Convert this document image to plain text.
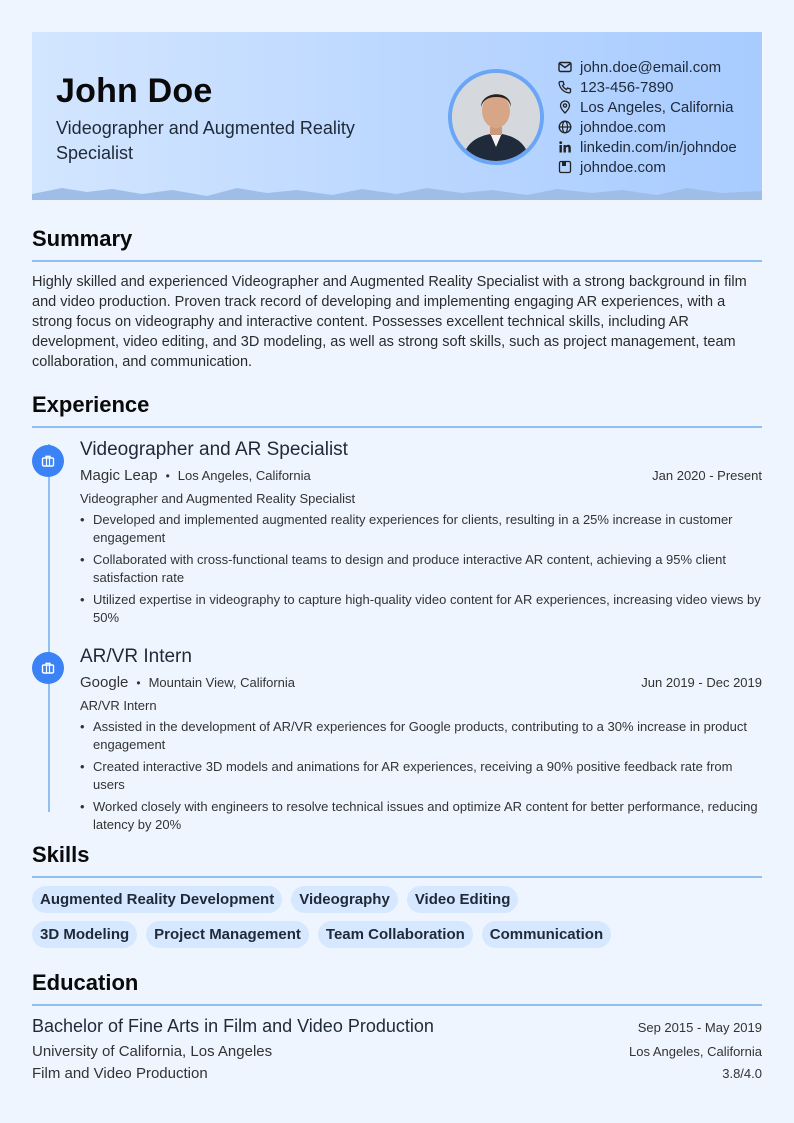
John Doe
Videographer and Augmented Reality Specialist
john.doe@email.com
123-456-7890
Los Angeles, California
johndoe.com
linkedin.com/in/johndoe
johndoe.com
Summary

Highly skilled and experienced Videographer and Augmented Reality Specialist with a strong background in film and video production. Proven track record of developing and implementing engaging AR experiences, with a strong focus on videography and interactive content. Possesses excellent technical skills, including AR development, video editing, and 3D modeling, as well as strong soft skills, such as project management, team collaboration, and communication.

Experience
Videographer and AR Specialist
Magic Leap • Los Angeles, California	Jan 2020 - Present
Videographer and Augmented Reality Specialist
• Developed and implemented augmented reality experiences for clients, resulting in a 25% increase in customer engagement
• Collaborated with cross-functional teams to design and produce interactive AR content, achieving a 95% client satisfaction rate
• Utilized expertise in videography to capture high-quality video content for AR experiences, increasing video views by 50%
AR/VR Intern
Google • Mountain View, California	Jun 2019 - Dec 2019
AR/VR Intern
• Assisted in the development of AR/VR experiences for Google products, contributing to a 30% increase in product engagement
• Created interactive 3D models and animations for AR experiences, receiving a 90% positive feedback rate from users
• Worked closely with engineers to resolve technical issues and optimize AR content for better performance, reducing latency by 20%
Skills
Augmented Reality Development	Videography	Video Editing
3D Modeling	Project Management	Team Collaboration	Communication
Education
Bachelor of Fine Arts in Film and Video Production	Sep 2015 - May 2019
University of California, Los Angeles	Los Angeles, California
Film and Video Production	3.8/4.0
